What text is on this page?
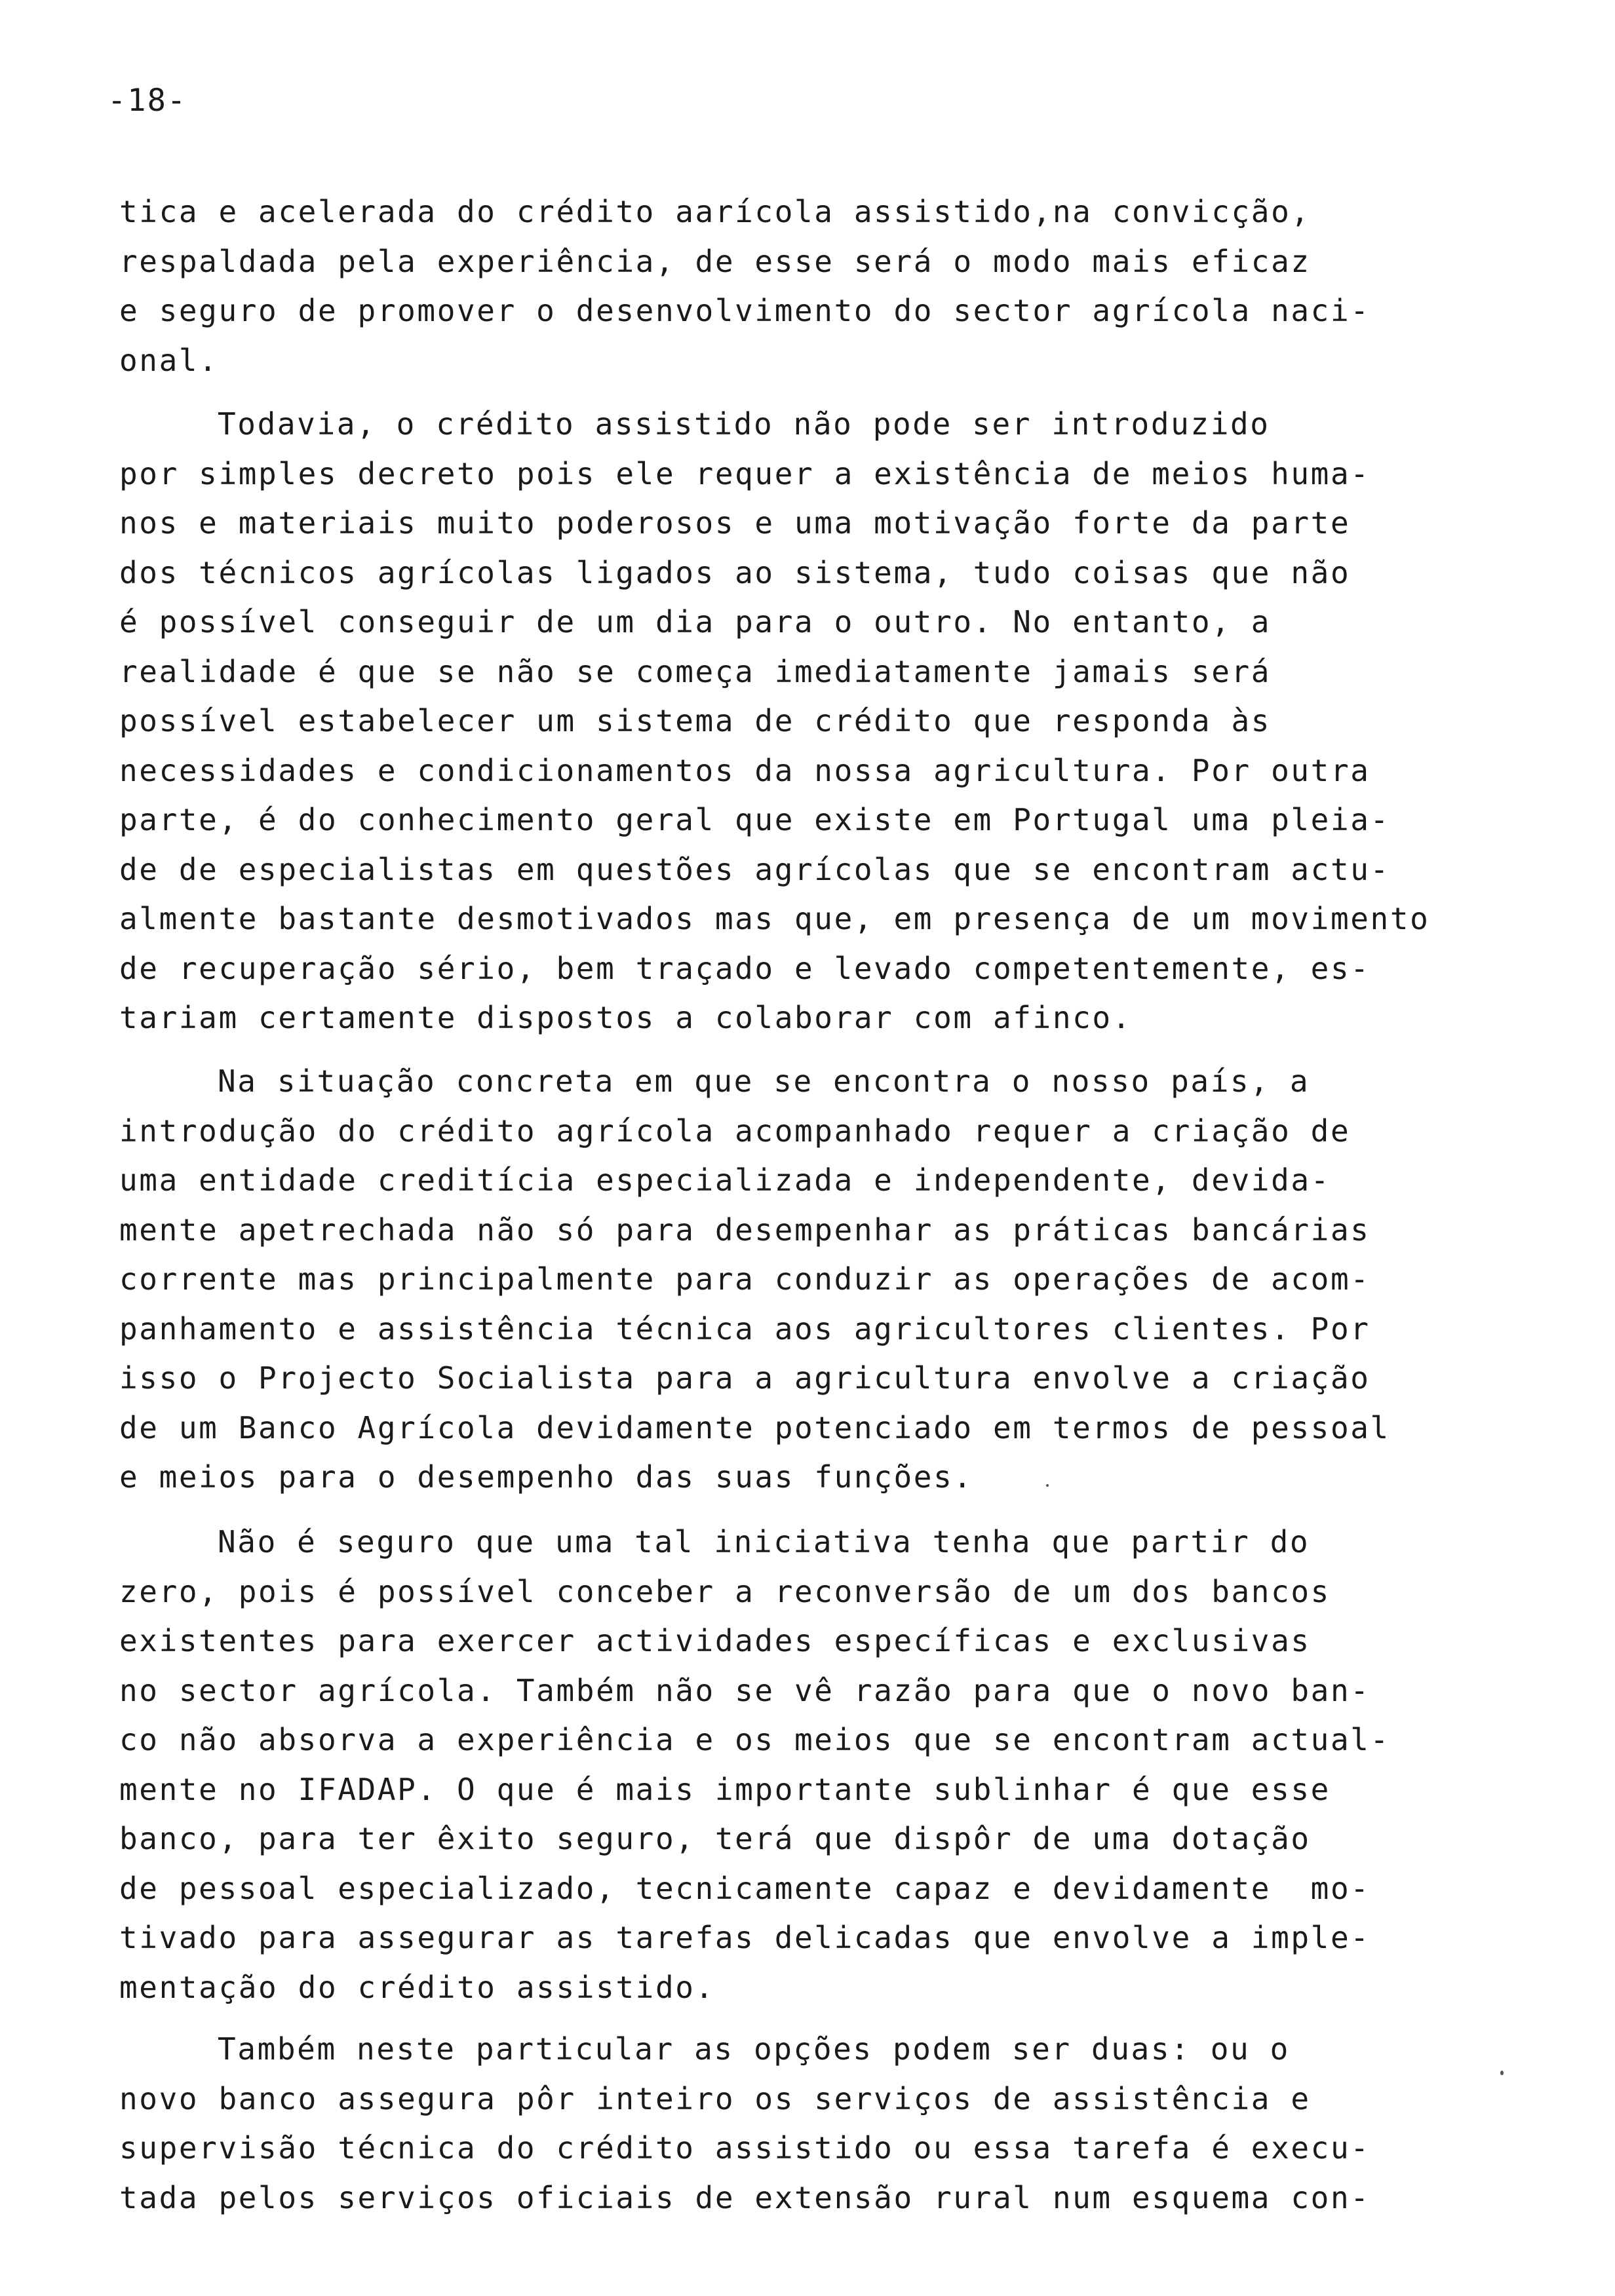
-18-
tica e acelerada do crédito aarícola assistido,na convicção,
respaldada pela experiência, de esse será o modo mais eficaz
e seguro de promover o desenvolvimento do sector agrícola naci-
onal.
Todavia, o crédito assistido não pode ser introduzido
por simples decreto pois ele requer a existência de meios huma-
nos e materiais muito poderosos e uma motivação forte da parte
dos técnicos agrícolas ligados ao sistema, tudo coisas que não
é possível conseguir de um dia para o outro. No entanto, a
realidade é que se não se começa imediatamente jamais será
possível estabelecer um sistema de crédito que responda às
necessidades e condicionamentos da nossa agricultura. Por outra
parte, é do conhecimento geral que existe em Portugal uma pleia-
de de especialistas em questões agrícolas que se encontram actu-
almente bastante desmotivados mas que, em presença de um movimento
de recuperação sério, bem traçado e levado competentemente, es-
tariam certamente dispostos a colaborar com afinco.
Na situação concreta em que se encontra o nosso país, a
introdução do crédito agrícola acompanhado requer a criação de
uma entidade creditícia especializada e independente, devida-
mente apetrechada não só para desempenhar as práticas bancárias
corrente mas principalmente para conduzir as operações de acom-
panhamento e assistência técnica aos agricultores clientes. Por
isso o Projecto Socialista para a agricultura envolve a criação
de um Banco Agrícola devidamente potenciado em termos de pessoal
e meios para o desempenho das suas funções.
Não é seguro que uma tal iniciativa tenha que partir do
zero, pois é possível conceber a reconversão de um dos bancos
existentes para exercer actividades específicas e exclusivas
no sector agrícola. Também não se vê razão para que o novo ban-
co não absorva a experiência e os meios que se encontram actual-
mente no IFADAP. O que é mais importante sublinhar é que esse
banco, para ter êxito seguro, terá que dispôr de uma dotação
de pessoal especializado, tecnicamente capaz e devidamente  mo-
tivado para assegurar as tarefas delicadas que envolve a imple-
mentação do crédito assistido.
Também neste particular as opções podem ser duas: ou o
novo banco assegura pôr inteiro os serviços de assistência e
supervisão técnica do crédito assistido ou essa tarefa é execu-
tada pelos serviços oficiais de extensão rural num esquema con-
